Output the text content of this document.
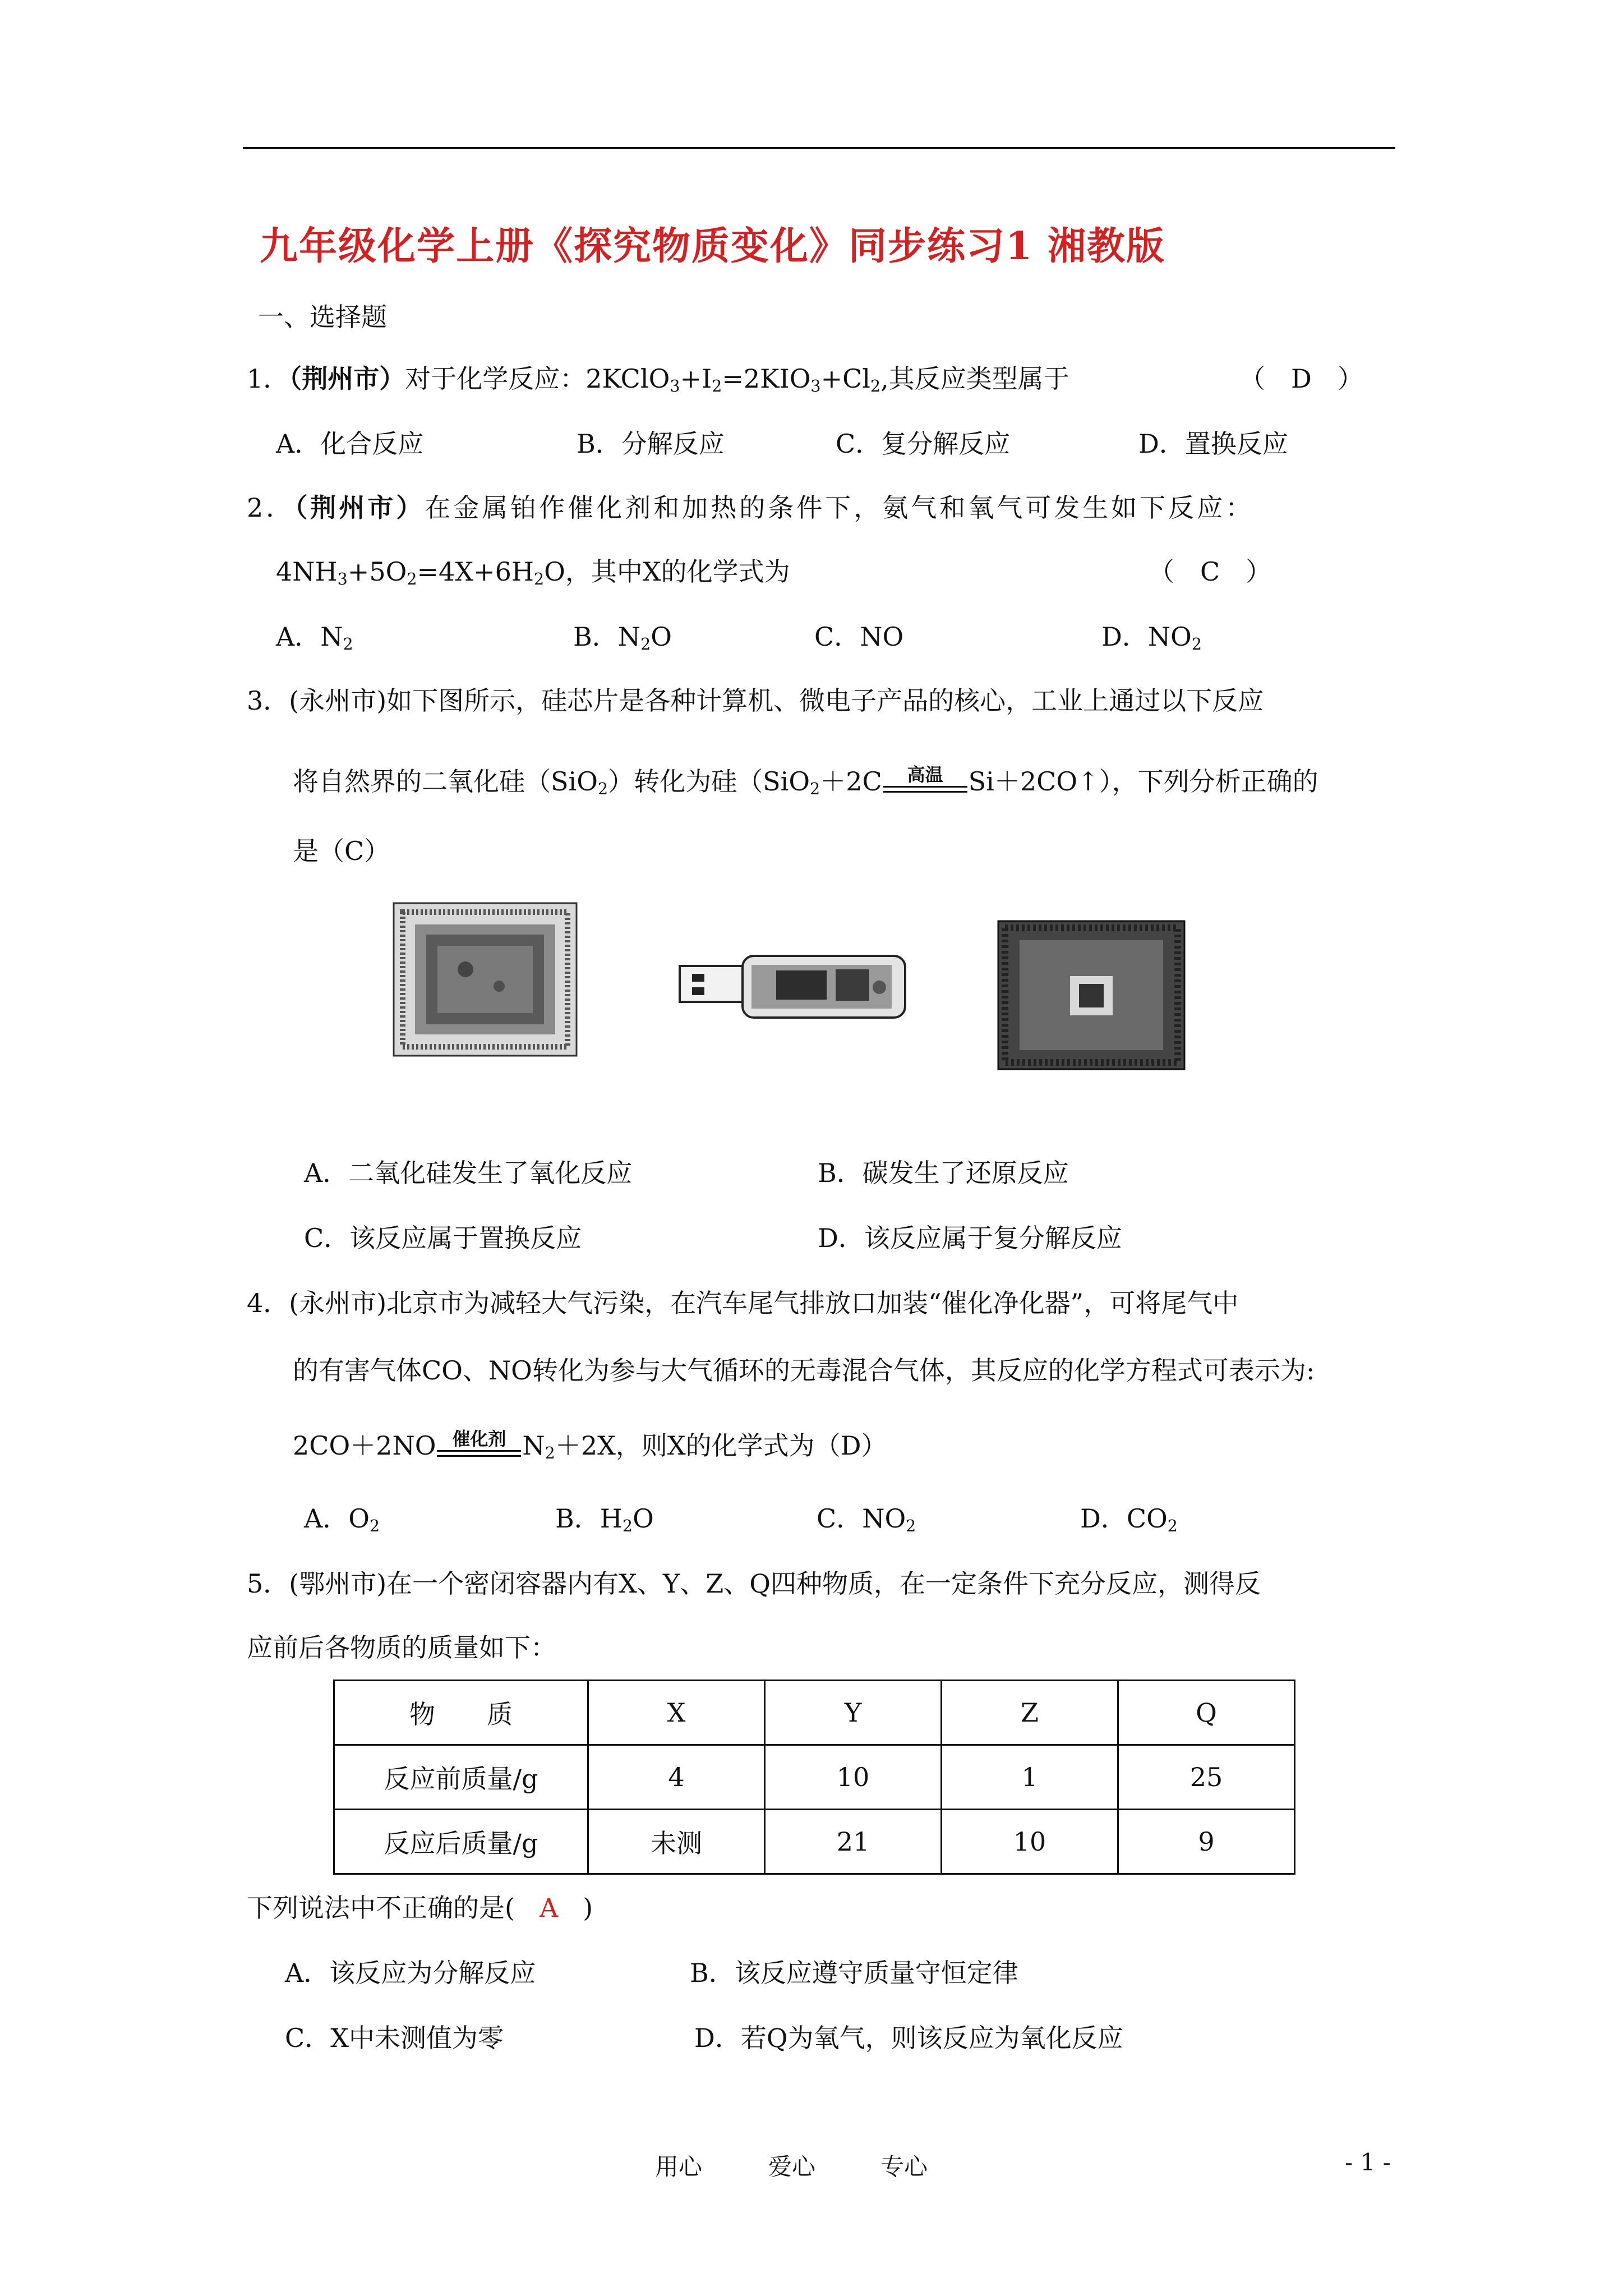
九年级化学上册《探究物质变化》同步练习1 湘教版
一、选择题
1．（荆州市）对于化学反应：$2KClO_3+I_2=2KIO_3+Cl_2$,其反应类型属于	（　D　）
A．化合反应	B．分解反应	C．复分解反应	D．置换反应
2．（荆州市）在金属铂作催化剂和加热的条件下，氨气和氧气可发生如下反应：
$4NH_3+5O_2=4X+6H_2O$，其中X的化学式为	（　C　）
A．$N_2$	B．$N_2O$	C．NO	D．$NO_2$
3．(永州市)如下图所示，硅芯片是各种计算机、微电子产品的核心，工业上通过以下反应
将自然界的二氧化硅（SiO$_2$）转化为硅（SiO$_2$＋2C 高温 Si＋2CO↑），下列分析正确的
是（C）
A．二氧化硅发生了氧化反应	B．碳发生了还原反应
C．该反应属于置换反应	D．该反应属于复分解反应
4．(永州市)北京市为减轻大气污染，在汽车尾气排放口加装“催化净化器”，可将尾气中
的有害气体CO、NO转化为参与大气循环的无毒混合气体，其反应的化学方程式可表示为:
2CO＋2NO 催化剂 $N_2+2X$，则X的化学式为（D）
A．$O_2$	B．$H_2O$	C．$NO_2$	D．$CO_2$
5．(鄂州市)在一个密闭容器内有X、Y、Z、Q四种物质，在一定条件下充分反应，测得反
应前后各物质的质量如下：
物　　质	X	Y	Z	Q
反应前质量/g	4	10	1	25
反应后质量/g	未测	21	10	9
下列说法中不正确的是( A )
A．该反应为分解反应	B．该反应遵守质量守恒定律
C．X中未测值为零	D．若Q为氧气，则该反应为氧化反应
用心	爱心	专心	- 1 -
